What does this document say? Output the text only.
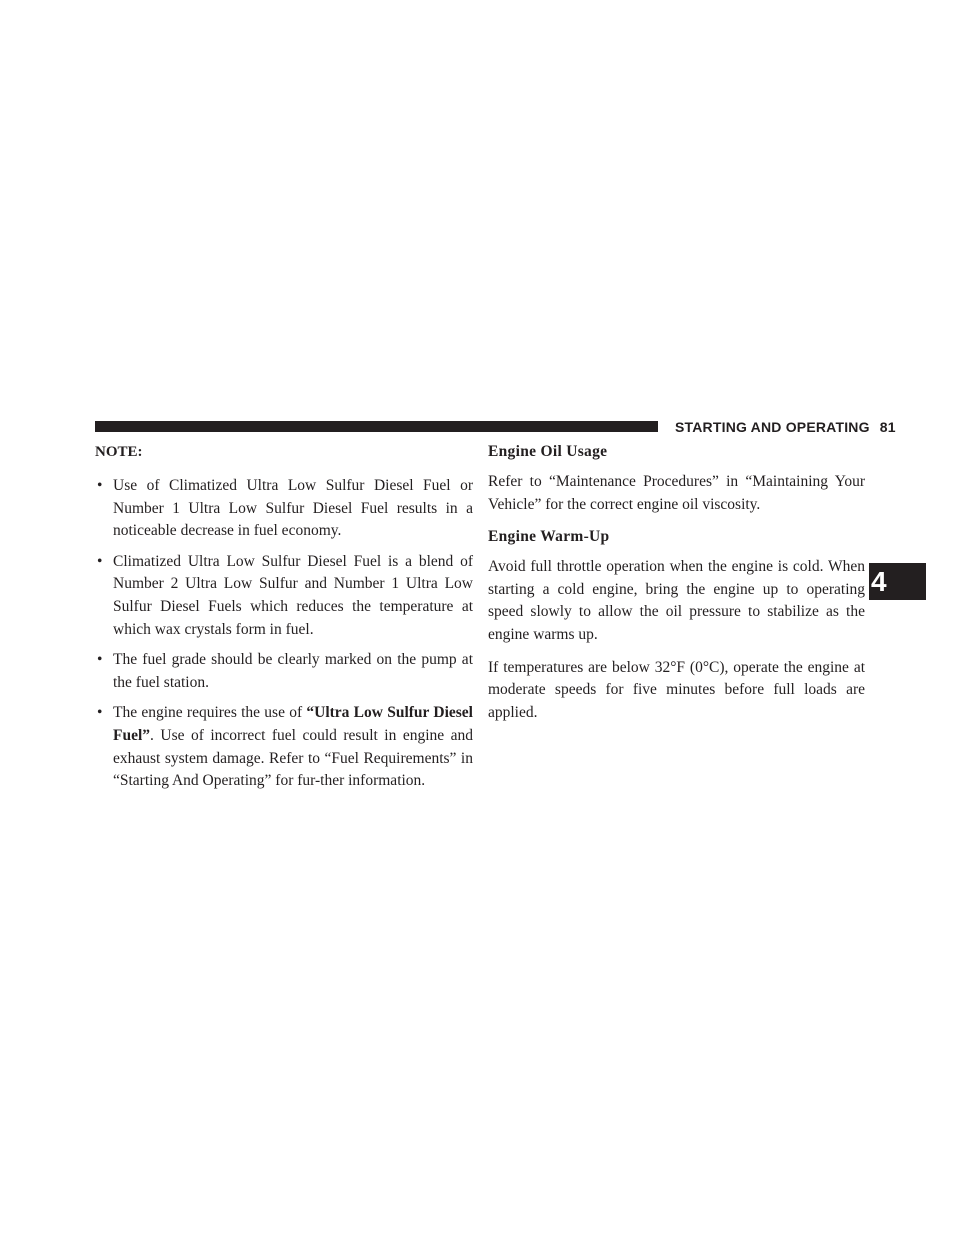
STARTING AND OPERATING 81
4
NOTE:
• Use of Climatized Ultra Low Sulfur Diesel Fuel or Number 1 Ultra Low Sulfur Diesel Fuel results in a noticeable decrease in fuel economy.
• Climatized Ultra Low Sulfur Diesel Fuel is a blend of Number 2 Ultra Low Sulfur and Number 1 Ultra Low Sulfur Diesel Fuels which reduces the temperature at which wax crystals form in fuel.
• The fuel grade should be clearly marked on the pump at the fuel station.
• The engine requires the use of “Ultra Low Sulfur Diesel Fuel”. Use of incorrect fuel could result in engine and exhaust system damage. Refer to “Fuel Requirements” in “Starting And Operating” for fur-ther information.
Engine Oil Usage

Refer to “Maintenance Procedures” in “Maintaining Your Vehicle” for the correct engine oil viscosity.

Engine Warm-Up

Avoid full throttle operation when the engine is cold. When starting a cold engine, bring the engine up to operating speed slowly to allow the oil pressure to stabilize as the engine warms up.

If temperatures are below 32°F (0°C), operate the engine at moderate speeds for five minutes before full loads are applied.
